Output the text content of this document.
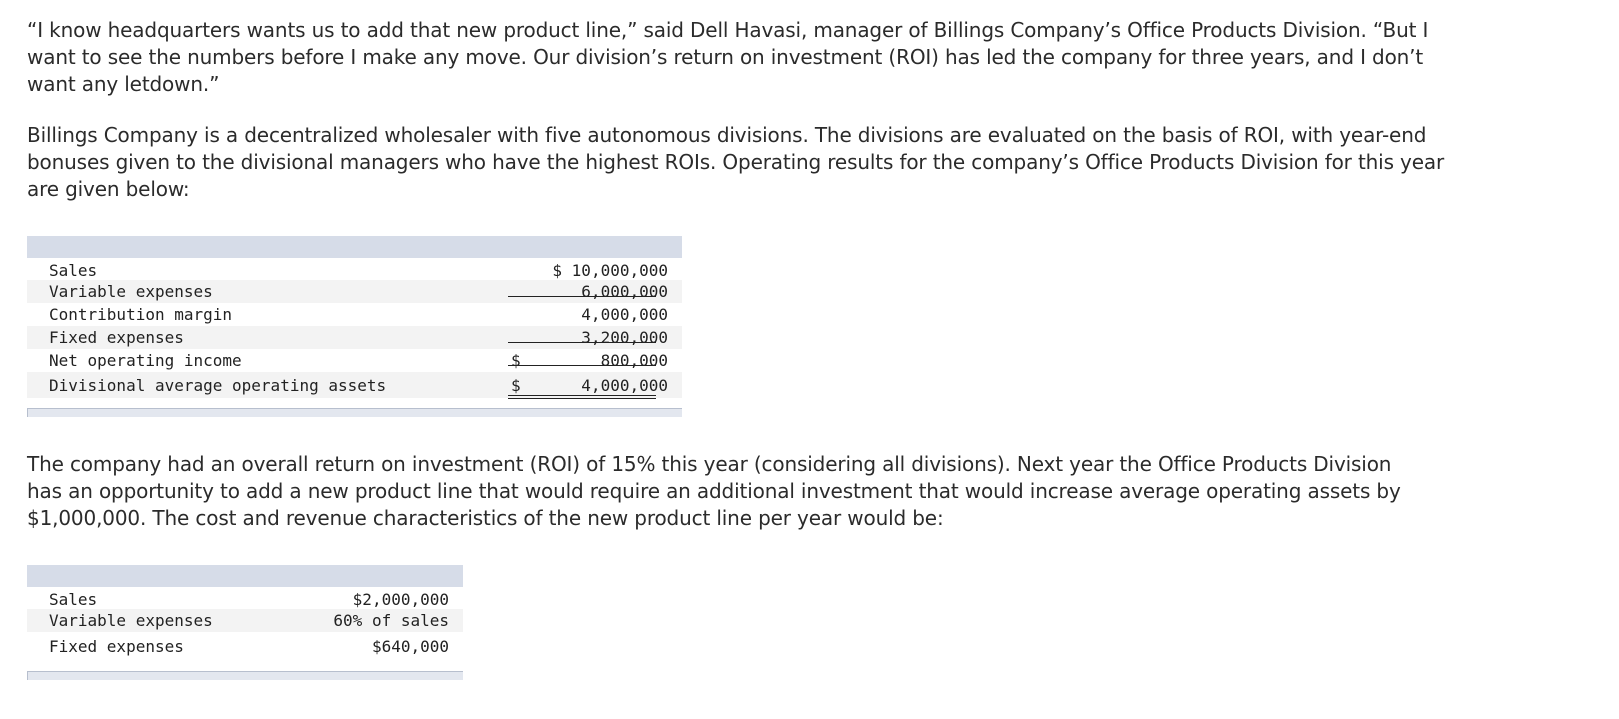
“I know headquarters wants us to add that new product line,” said Dell Havasi, manager of Billings Company’s Office Products Division. “But I want to see the numbers before I make any move. Our division’s return on investment (ROI) has led the company for three years, and I don’t want any letdown.”

Billings Company is a decentralized wholesaler with five autonomous divisions. The divisions are evaluated on the basis of ROI, with year-end bonuses given to the divisional managers who have the highest ROIs. Operating results for the company’s Office Products Division for this year are given below:

Sales	$ 10,000,000
Variable expenses	6,000,000
Contribution margin	4,000,000
Fixed expenses	3,200,000
Net operating income	$	800,000
Divisional average operating assets	$	4,000,000

The company had an overall return on investment (ROI) of 15% this year (considering all divisions). Next year the Office Products Division has an opportunity to add a new product line that would require an additional investment that would increase average operating assets by $1,000,000. The cost and revenue characteristics of the new product line per year would be:

Sales	$2,000,000
Variable expenses	60% of sales
Fixed expenses	$640,000
